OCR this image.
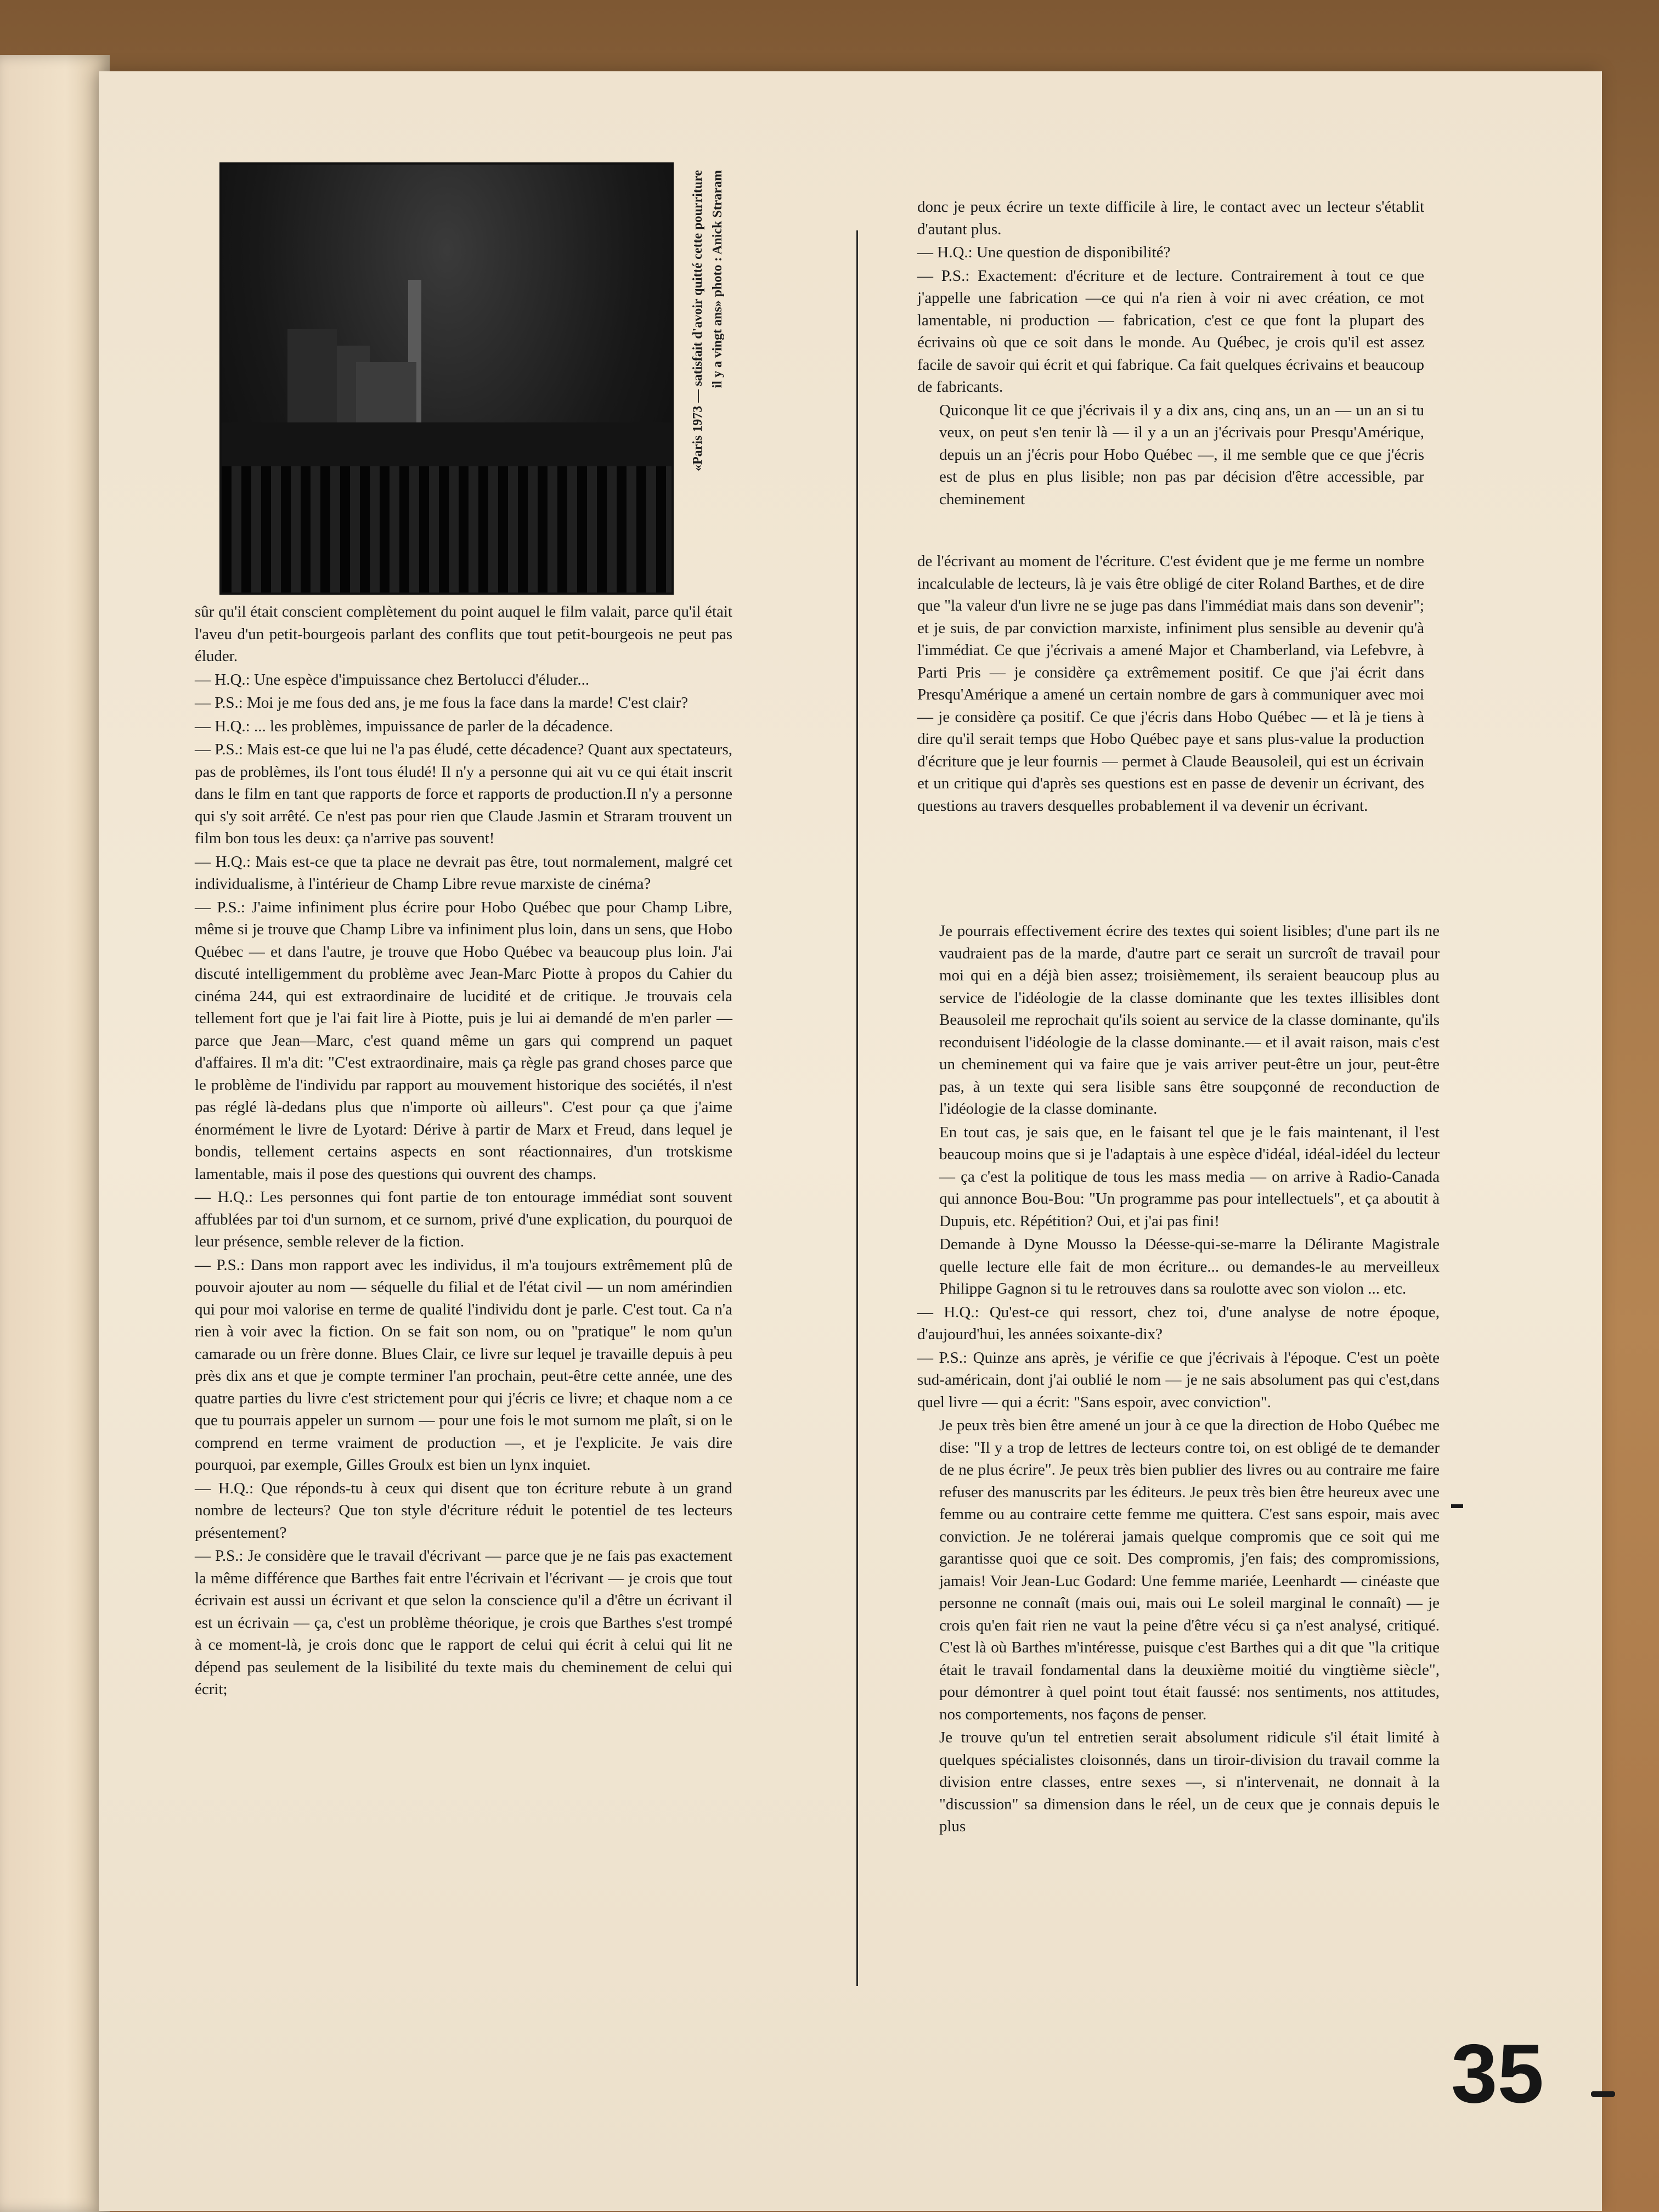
«Paris 1973 — satisfait d'avoir quitté cette pourriture il y a vingt ans» photo : Anick Straram

sûr qu'il était conscient complètement du point auquel le film valait, parce qu'il était l'aveu d'un petit-bourgeois parlant des conflits que tout petit-bourgeois ne peut pas éluder.

— H.Q.: Une espèce d'impuissance chez Bertolucci d'éluder...

— P.S.: Moi je me fous ded ans, je me fous la face dans la marde! C'est clair?

— H.Q.: ... les problèmes, impuissance de parler de la décadence.

— P.S.: Mais est-ce que lui ne l'a pas éludé, cette décadence? Quant aux spectateurs, pas de problèmes, ils l'ont tous éludé! Il n'y a personne qui ait vu ce qui était inscrit dans le film en tant que rapports de force et rapports de production.Il n'y a personne qui s'y soit arrêté. Ce n'est pas pour rien que Claude Jasmin et Straram trouvent un film bon tous les deux: ça n'arrive pas souvent!

— H.Q.: Mais est-ce que ta place ne devrait pas être, tout normalement, malgré cet individualisme, à l'intérieur de Champ Libre revue marxiste de cinéma?

— P.S.: J'aime infiniment plus écrire pour Hobo Québec que pour Champ Libre, même si je trouve que Champ Libre va infiniment plus loin, dans un sens, que Hobo Québec — et dans l'autre, je trouve que Hobo Québec va beaucoup plus loin. J'ai discuté intelligemment du problème avec Jean-Marc Piotte à propos du Cahier du cinéma 244, qui est extraordinaire de lucidité et de critique. Je trouvais cela tellement fort que je l'ai fait lire à Piotte, puis je lui ai demandé de m'en parler — parce que Jean—Marc, c'est quand même un gars qui comprend un paquet d'affaires. Il m'a dit: "C'est extraordinaire, mais ça règle pas grand choses parce que le problème de l'individu par rapport au mouvement historique des sociétés, il n'est pas réglé là-dedans plus que n'importe où ailleurs". C'est pour ça que j'aime énormément le livre de Lyotard: Dérive à partir de Marx et Freud, dans lequel je bondis, tellement certains aspects en sont réactionnaires, d'un trotskisme lamentable, mais il pose des questions qui ouvrent des champs.

— H.Q.: Les personnes qui font partie de ton entourage immédiat sont souvent affublées par toi d'un surnom, et ce surnom, privé d'une explication, du pourquoi de leur présence, semble relever de la fiction.

— P.S.: Dans mon rapport avec les individus, il m'a toujours extrêmement plû de pouvoir ajouter au nom — séquelle du filial et de l'état civil — un nom amérindien qui pour moi valorise en terme de qualité l'individu dont je parle. C'est tout. Ca n'a rien à voir avec la fiction. On se fait son nom, ou on "pratique" le nom qu'un camarade ou un frère donne. Blues Clair, ce livre sur lequel je travaille depuis à peu près dix ans et que je compte terminer l'an prochain, peut-être cette année, une des quatre parties du livre c'est strictement pour qui j'écris ce livre; et chaque nom a ce que tu pourrais appeler un surnom — pour une fois le mot surnom me plaît, si on le comprend en terme vraiment de production —, et je l'explicite. Je vais dire pourquoi, par exemple, Gilles Groulx est bien un lynx inquiet.

— H.Q.: Que réponds-tu à ceux qui disent que ton écriture rebute à un grand nombre de lecteurs? Que ton style d'écriture réduit le potentiel de tes lecteurs présentement?

— P.S.: Je considère que le travail d'écrivant — parce que je ne fais pas exactement la même différence que Barthes fait entre l'écrivain et l'écrivant — je crois que tout écrivain est aussi un écrivant et que selon la conscience qu'il a d'être un écrivant il est un écrivain — ça, c'est un problème théorique, je crois que Barthes s'est trompé à ce moment-là, je crois donc que le rapport de celui qui écrit à celui qui lit ne dépend pas seulement de la lisibilité du texte mais du cheminement de celui qui écrit;

donc je peux écrire un texte difficile à lire, le contact avec un lecteur s'établit d'autant plus.

— H.Q.: Une question de disponibilité?

— P.S.: Exactement: d'écriture et de lecture. Contrairement à tout ce que j'appelle une fabrication —ce qui n'a rien à voir ni avec création, ce mot lamentable, ni production — fabrication, c'est ce que font la plupart des écrivains où que ce soit dans le monde. Au Québec, je crois qu'il est assez facile de savoir qui écrit et qui fabrique. Ca fait quelques écrivains et beaucoup de fabricants.

Quiconque lit ce que j'écrivais il y a dix ans, cinq ans, un an — un an si tu veux, on peut s'en tenir là — il y a un an j'écrivais pour Presqu'Amérique, depuis un an j'écris pour Hobo Québec —, il me semble que ce que j'écris est de plus en plus lisible; non pas par décision d'être accessible, par cheminement

de l'écrivant au moment de l'écriture. C'est évident que je me ferme un nombre incalculable de lecteurs, là je vais être obligé de citer Roland Barthes, et de dire que "la valeur d'un livre ne se juge pas dans l'immédiat mais dans son devenir"; et je suis, de par conviction marxiste, infiniment plus sensible au devenir qu'à l'immédiat. Ce que j'écrivais a amené Major et Chamberland, via Lefebvre, à Parti Pris — je considère ça extrêmement positif. Ce que j'ai écrit dans Presqu'Amérique a amené un certain nombre de gars à communiquer avec moi — je considère ça positif. Ce que j'écris dans Hobo Québec — et là je tiens à dire qu'il serait temps que Hobo Québec paye et sans plus-value la production d'écriture que je leur fournis — permet à Claude Beausoleil, qui est un écrivain et un critique qui d'après ses questions est en passe de devenir un écrivant, des questions au travers desquelles probablement il va devenir un écrivant.

Je pourrais effectivement écrire des textes qui soient lisibles; d'une part ils ne vaudraient pas de la marde, d'autre part ce serait un surcroît de travail pour moi qui en a déjà bien assez; troisièmement, ils seraient beaucoup plus au service de l'idéologie de la classe dominante que les textes illisibles dont Beausoleil me reprochait qu'ils soient au service de la classe dominante, qu'ils reconduisent l'idéologie de la classe dominante.— et il avait raison, mais c'est un cheminement qui va faire que je vais arriver peut-être un jour, peut-être pas, à un texte qui sera lisible sans être soupçonné de reconduction de l'idéologie de la classe dominante.

En tout cas, je sais que, en le faisant tel que je le fais maintenant, il l'est beaucoup moins que si je l'adaptais à une espèce d'idéal, idéal-idéel du lecteur — ça c'est la politique de tous les mass media — on arrive à Radio-Canada qui annonce Bou-Bou: "Un programme pas pour intellectuels", et ça aboutit à Dupuis, etc. Répétition? Oui, et j'ai pas fini!

Demande à Dyne Mousso la Déesse-qui-se-marre la Délirante Magistrale quelle lecture elle fait de mon écriture... ou demandes-le au merveilleux Philippe Gagnon si tu le retrouves dans sa roulotte avec son violon ... etc.

— H.Q.: Qu'est-ce qui ressort, chez toi, d'une analyse de notre époque, d'aujourd'hui, les années soixante-dix?

— P.S.: Quinze ans après, je vérifie ce que j'écrivais à l'époque. C'est un poète sud-américain, dont j'ai oublié le nom — je ne sais absolument pas qui c'est,dans quel livre — qui a écrit: "Sans espoir, avec conviction".

Je peux très bien être amené un jour à ce que la direction de Hobo Québec me dise: "Il y a trop de lettres de lecteurs contre toi, on est obligé de te demander de ne plus écrire". Je peux très bien publier des livres ou au contraire me faire refuser des manuscrits par les éditeurs. Je peux très bien être heureux avec une femme ou au contraire cette femme me quittera. C'est sans espoir, mais avec conviction. Je ne tolérerai jamais quelque compromis que ce soit qui me garantisse quoi que ce soit. Des compromis, j'en fais; des compromissions, jamais! Voir Jean-Luc Godard: Une femme mariée, Leenhardt — cinéaste que personne ne connaît (mais oui, mais oui Le soleil marginal le connaît) — je crois qu'en fait rien ne vaut la peine d'être vécu si ça n'est analysé, critiqué. C'est là où Barthes m'intéresse, puisque c'est Barthes qui a dit que "la critique était le travail fondamental dans la deuxième moitié du vingtième siècle", pour démontrer à quel point tout était faussé: nos sentiments, nos attitudes, nos comportements, nos façons de penser.

Je trouve qu'un tel entretien serait absolument ridicule s'il était limité à quelques spécialistes cloisonnés, dans un tiroir-division du travail comme la division entre classes, entre sexes —, si n'intervenait, ne donnait à la "discussion" sa dimension dans le réel, un de ceux que je connais depuis le plus

35
